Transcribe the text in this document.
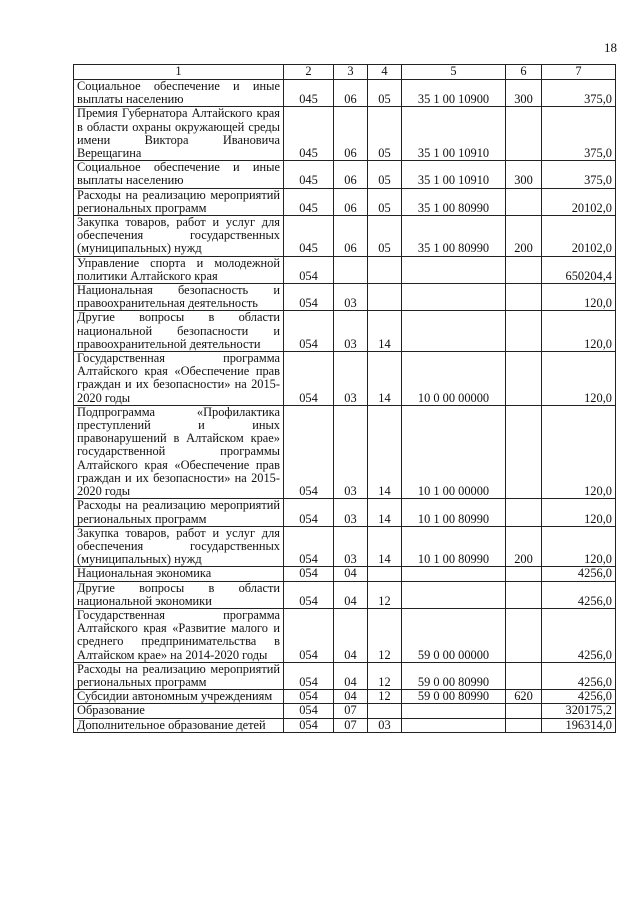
18
1	2	3	4	5	6	7
Социальное обеспечение и иные выплаты населению	045	06	05	35 1 00 10900	300	375,0
Премия Губернатора Алтайского края в области охраны окружающей среды имени Виктора Ивановича Верещагина	045	06	05	35 1 00 10910		375,0
Социальное обеспечение и иные выплаты населению	045	06	05	35 1 00 10910	300	375,0
Расходы на реализацию мероприятий региональных программ	045	06	05	35 1 00 80990		20102,0
Закупка товаров, работ и услуг для обеспечения государственных (муниципальных) нужд	045	06	05	35 1 00 80990	200	20102,0
Управление спорта и молодежной политики Алтайского края	054					650204,4
Национальная безопасность и правоохранительная деятельность	054	03				120,0
Другие вопросы в области национальной безопасности и правоохранительной деятельности	054	03	14			120,0
Государственная программа Алтайского края «Обеспечение прав граждан и их безопасности» на 2015-2020 годы	054	03	14	10 0 00 00000		120,0
Подпрограмма «Профилактика преступлений и иных правонарушений в Алтайском крае» государственной программы Алтайского края «Обеспечение прав граждан и их безопасности» на 2015-2020 годы	054	03	14	10 1 00 00000		120,0
Расходы на реализацию мероприятий региональных программ	054	03	14	10 1 00 80990		120,0
Закупка товаров, работ и услуг для обеспечения государственных (муниципальных) нужд	054	03	14	10 1 00 80990	200	120,0
Национальная экономика	054	04				4256,0
Другие вопросы в области национальной экономики	054	04	12			4256,0
Государственная программа Алтайского края «Развитие малого и среднего предпринимательства в Алтайском крае» на 2014-2020 годы	054	04	12	59 0 00 00000		4256,0
Расходы на реализацию мероприятий региональных программ	054	04	12	59 0 00 80990		4256,0
Субсидии автономным учреждениям	054	04	12	59 0 00 80990	620	4256,0
Образование	054	07				320175,2
Дополнительное образование детей	054	07	03			196314,0
